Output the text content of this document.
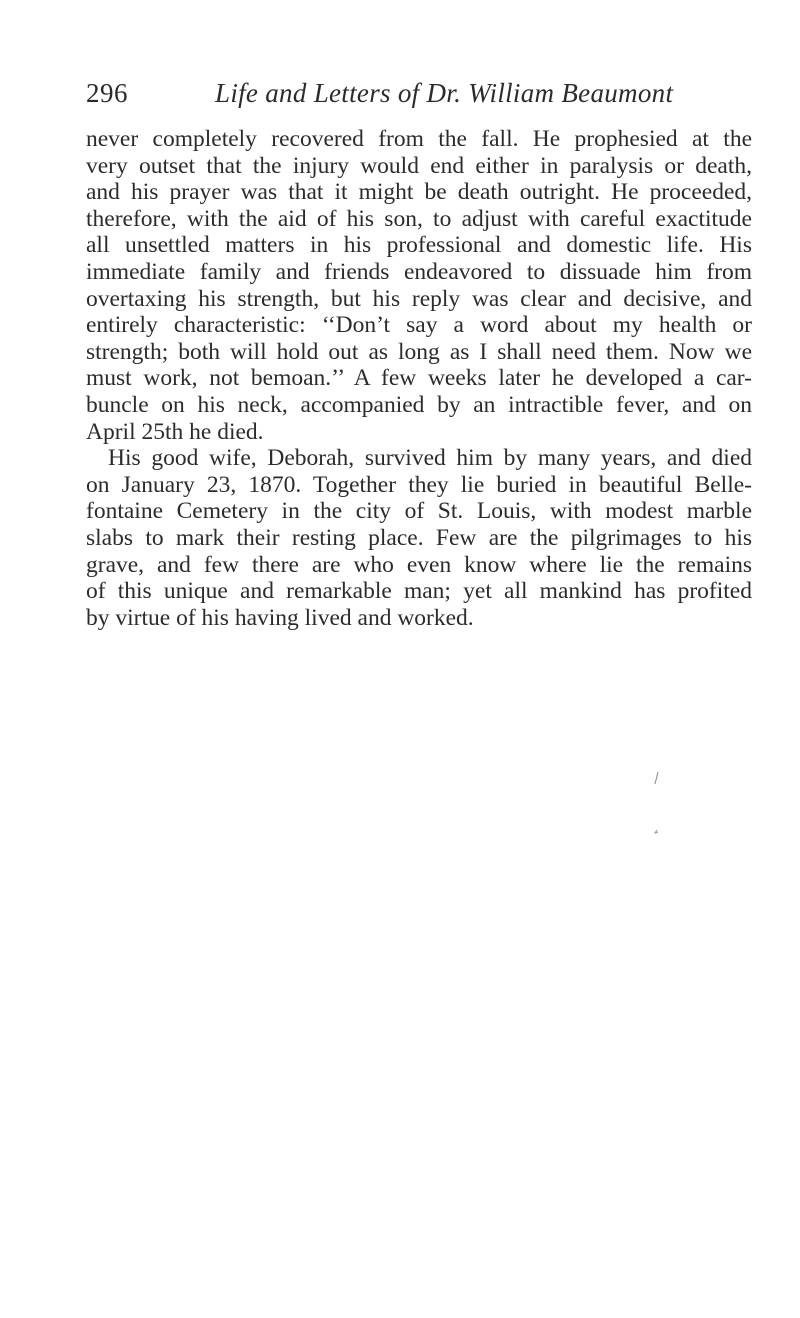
296	Life and Letters of Dr. William Beaumont

never completely recovered from the fall. He prophesied at the
very outset that the injury would end either in paralysis or death,
and his prayer was that it might be death outright. He proceeded,
therefore, with the aid of his son, to adjust with careful exactitude
all unsettled matters in his professional and domestic life. His
immediate family and friends endeavored to dissuade him from
overtaxing his strength, but his reply was clear and decisive, and
entirely characteristic: ‘‘Don’t say a word about my health or
strength; both will hold out as long as I shall need them. Now we
must work, not bemoan.’’ A few weeks later he developed a car-
buncle on his neck, accompanied by an intractible fever, and on
April 25th he died.

His good wife, Deborah, survived him by many years, and died
on January 23, 1870. Together they lie buried in beautiful Belle-
fontaine Cemetery in the city of St. Louis, with modest marble
slabs to mark their resting place. Few are the pilgrimages to his
grave, and few there are who even know where lie the remains
of this unique and remarkable man; yet all mankind has profited
by virtue of his having lived and worked.
